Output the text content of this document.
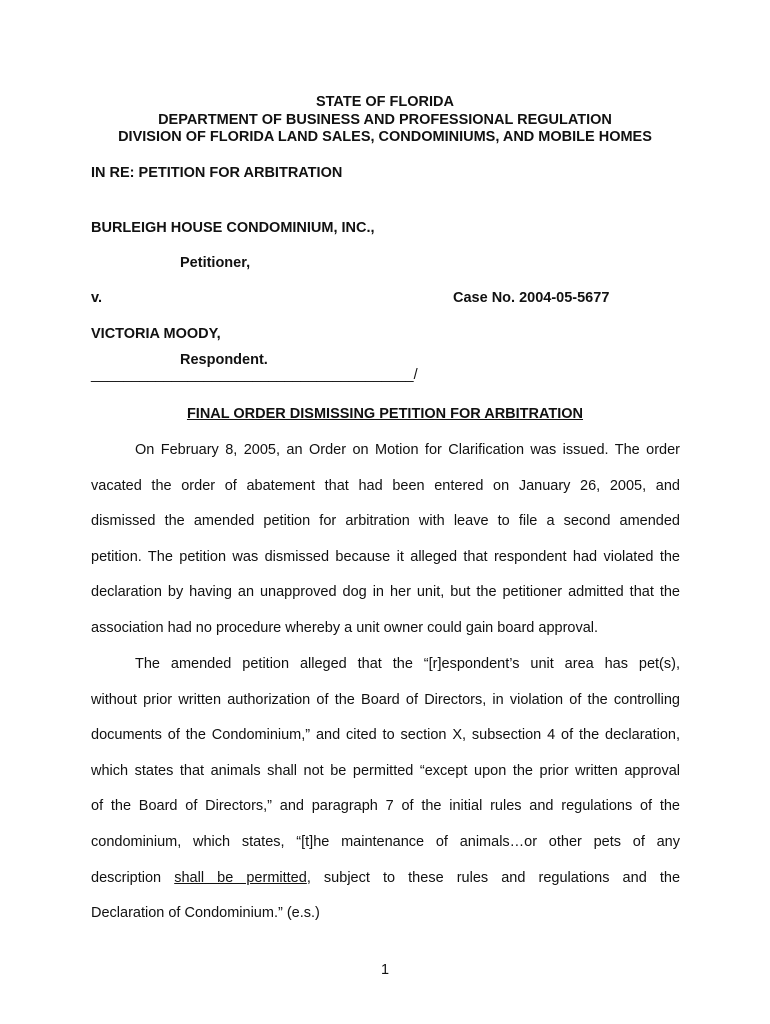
STATE OF FLORIDA
DEPARTMENT OF BUSINESS AND PROFESSIONAL REGULATION
DIVISION OF FLORIDA LAND SALES, CONDOMINIUMS, AND MOBILE HOMES
IN RE: PETITION FOR ARBITRATION
BURLEIGH HOUSE CONDOMINIUM, INC.,
Petitioner,
v.	Case No. 2004-05-5677
VICTORIA MOODY,
Respondent.
________________________________________/
FINAL ORDER DISMISSING PETITION FOR ARBITRATION
On February 8, 2005, an Order on Motion for Clarification was issued. The order
vacated the order of abatement that had been entered on January 26, 2005, and
dismissed the amended petition for arbitration with leave to file a second amended
petition. The petition was dismissed because it alleged that respondent had violated the
declaration by having an unapproved dog in her unit, but the petitioner admitted that the
association had no procedure whereby a unit owner could gain board approval.
The amended petition alleged that the “[r]espondent’s unit area has pet(s),
without prior written authorization of the Board of Directors, in violation of the controlling
documents of the Condominium,” and cited to section X, subsection 4 of the declaration,
which states that animals shall not be permitted “except upon the prior written approval
of the Board of Directors,” and paragraph 7 of the initial rules and regulations of the
condominium, which states, “[t]he maintenance of animals…or other pets of any
description shall be permitted, subject to these rules and regulations and the
Declaration of Condominium.” (e.s.)
1
